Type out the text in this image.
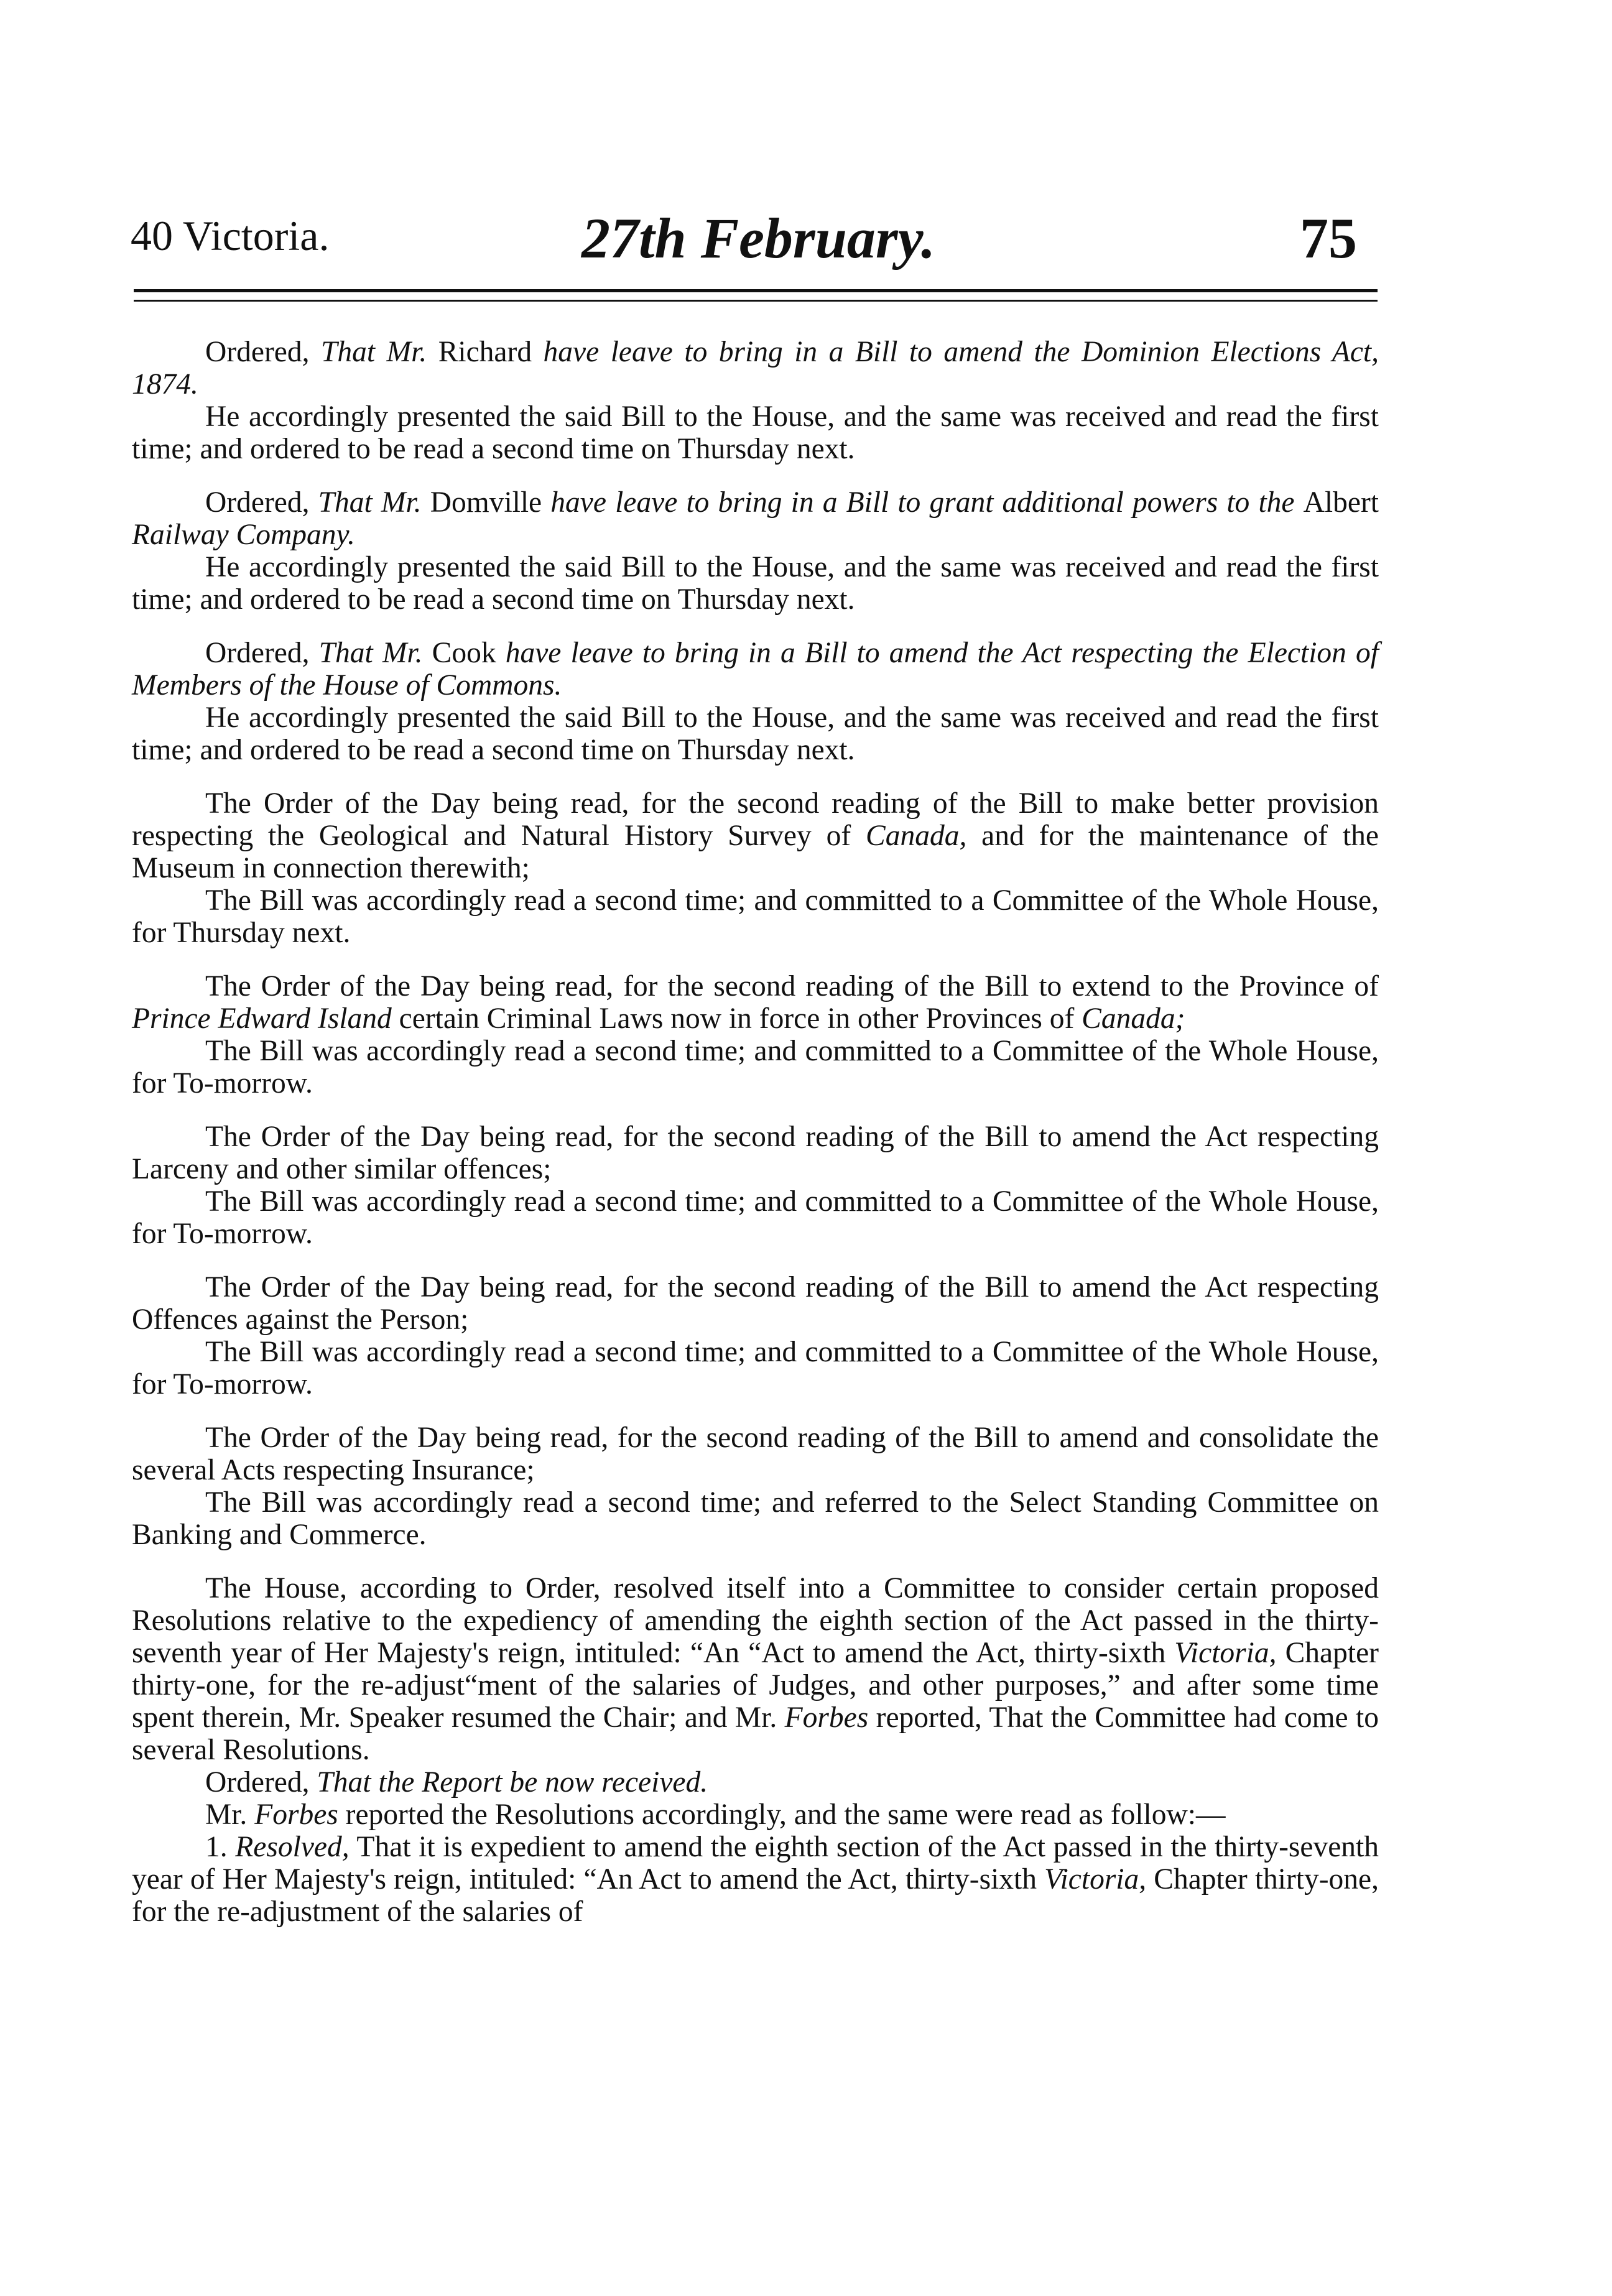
40 Victoria.	27th February.	75

Ordered, That Mr. Richard have leave to bring in a Bill to amend the Dominion Elections Act, 1874.

He accordingly presented the said Bill to the House, and the same was received and read the first time; and ordered to be read a second time on Thursday next.

Ordered, That Mr. Domville have leave to bring in a Bill to grant additional powers to the Albert Railway Company.

He accordingly presented the said Bill to the House, and the same was received and read the first time; and ordered to be read a second time on Thursday next.

Ordered, That Mr. Cook have leave to bring in a Bill to amend the Act respecting the Election of Members of the House of Commons.

He accordingly presented the said Bill to the House, and the same was received and read the first time; and ordered to be read a second time on Thursday next.

The Order of the Day being read, for the second reading of the Bill to make better provision respecting the Geological and Natural History Survey of Canada, and for the maintenance of the Museum in connection therewith;

The Bill was accordingly read a second time; and committed to a Committee of the Whole House, for Thursday next.

The Order of the Day being read, for the second reading of the Bill to extend to the Province of Prince Edward Island certain Criminal Laws now in force in other Provinces of Canada;

The Bill was accordingly read a second time; and committed to a Committee of the Whole House, for To-morrow.

The Order of the Day being read, for the second reading of the Bill to amend the Act respecting Larceny and other similar offences;

The Bill was accordingly read a second time; and committed to a Committee of the Whole House, for To-morrow.

The Order of the Day being read, for the second reading of the Bill to amend the Act respecting Offences against the Person;

The Bill was accordingly read a second time; and committed to a Committee of the Whole House, for To-morrow.

The Order of the Day being read, for the second reading of the Bill to amend and consolidate the several Acts respecting Insurance;

The Bill was accordingly read a second time; and referred to the Select Standing Committee on Banking and Commerce.

The House, according to Order, resolved itself into a Committee to consider certain proposed Resolutions relative to the expediency of amending the eighth section of the Act passed in the thirty-seventh year of Her Majesty's reign, intituled: “An “Act to amend the Act, thirty-sixth Victoria, Chapter thirty-one, for the re-adjust“ment of the salaries of Judges, and other purposes,” and after some time spent therein, Mr. Speaker resumed the Chair; and Mr. Forbes reported, That the Committee had come to several Resolutions.

Ordered, That the Report be now received.

Mr. Forbes reported the Resolutions accordingly, and the same were read as follow:—

1. Resolved, That it is expedient to amend the eighth section of the Act passed in the thirty-seventh year of Her Majesty's reign, intituled: “An Act to amend the Act, thirty-sixth Victoria, Chapter thirty-one, for the re-adjustment of the salaries of
